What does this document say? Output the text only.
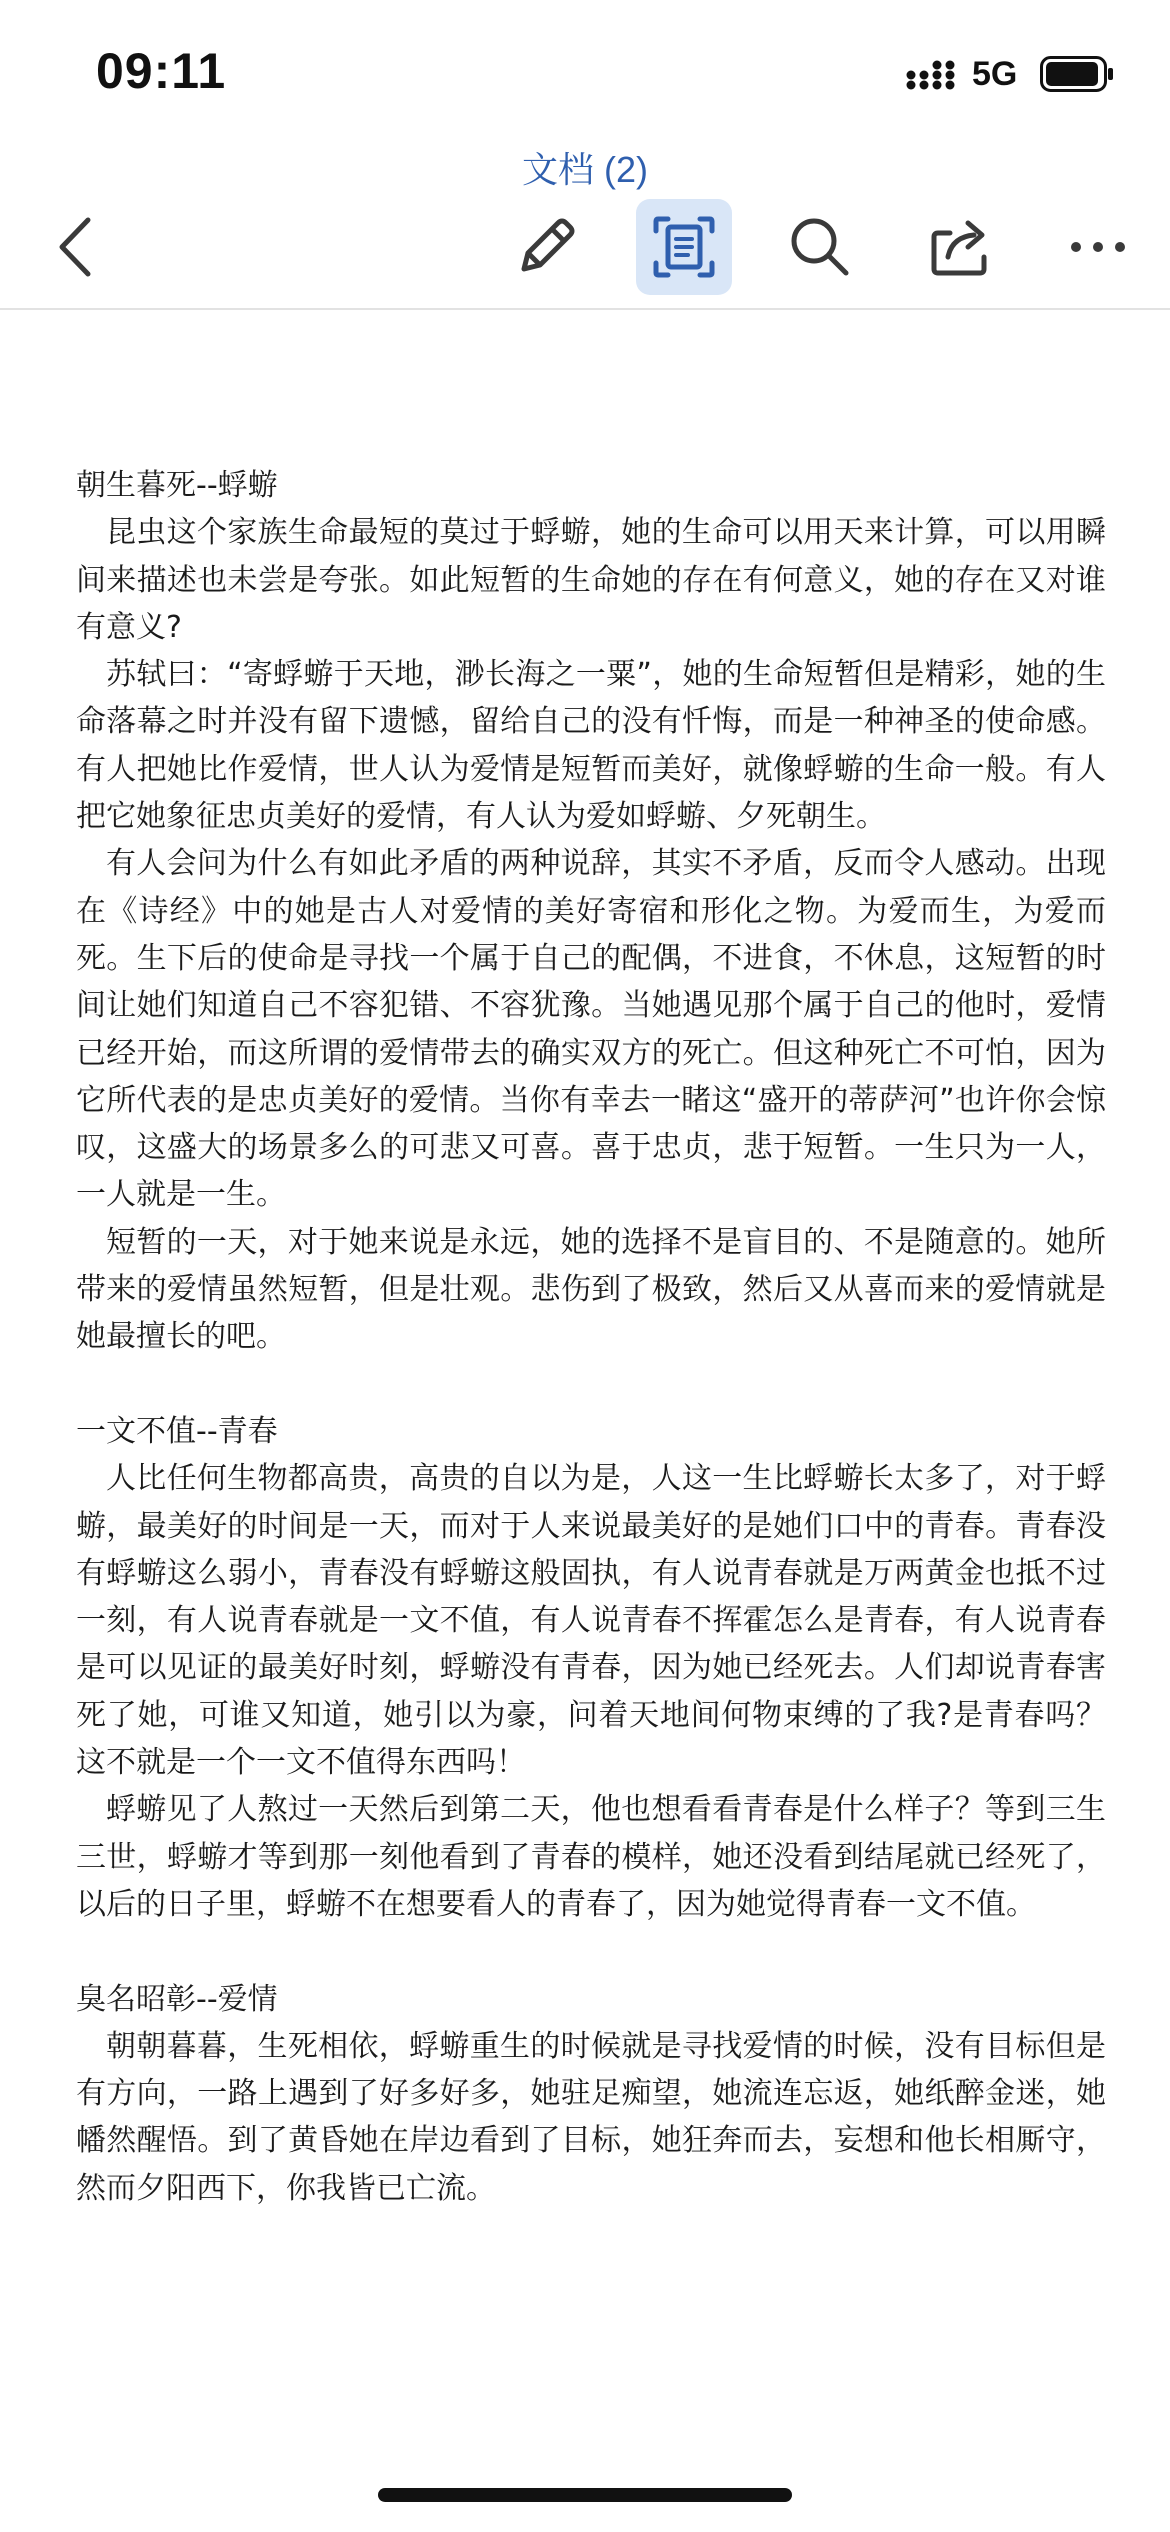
09:11	5G
文档 (2)

朝生暮死--蜉蝣

昆虫这个家族生命最短的莫过于蜉蝣，她的生命可以用天来计算，可以用瞬间来描述也未尝是夸张。如此短暂的生命她的存在有何意义，她的存在又对谁有意义?

苏轼曰：“寄蜉蝣于天地，渺长海之一粟”，她的生命短暂但是精彩，她的生命落幕之时并没有留下遗憾，留给自己的没有忏悔，而是一种神圣的使命感。有人把她比作爱情，世人认为爱情是短暂而美好，就像蜉蝣的生命一般。有人把它她象征忠贞美好的爱情，有人认为爱如蜉蝣、夕死朝生。

有人会问为什么有如此矛盾的两种说辞，其实不矛盾，反而令人感动。出现在《诗经》中的她是古人对爱情的美好寄宿和形化之物。为爱而生，为爱而死。生下后的使命是寻找一个属于自己的配偶，不进食，不休息，这短暂的时间让她们知道自己不容犯错、不容犹豫。当她遇见那个属于自己的他时，爱情已经开始，而这所谓的爱情带去的确实双方的死亡。但这种死亡不可怕，因为它所代表的是忠贞美好的爱情。当你有幸去一睹这“盛开的蒂萨河”也许你会惊叹，这盛大的场景多么的可悲又可喜。喜于忠贞，悲于短暂。一生只为一人，一人就是一生。

短暂的一天，对于她来说是永远，她的选择不是盲目的、不是随意的。她所带来的爱情虽然短暂，但是壮观。悲伤到了极致，然后又从喜而来的爱情就是她最擅长的吧。

一文不值--青春

人比任何生物都高贵，高贵的自以为是，人这一生比蜉蝣长太多了，对于蜉蝣，最美好的时间是一天，而对于人来说最美好的是她们口中的青春。青春没有蜉蝣这么弱小，青春没有蜉蝣这般固执，有人说青春就是万两黄金也抵不过一刻，有人说青春就是一文不值，有人说青春不挥霍怎么是青春，有人说青春是可以见证的最美好时刻，蜉蝣没有青春，因为她已经死去。人们却说青春害死了她，可谁又知道，她引以为豪，问着天地间何物束缚的了我?是青春吗？这不就是一个一文不值得东西吗！

蜉蝣见了人熬过一天然后到第二天，他也想看看青春是什么样子？等到三生三世，蜉蝣才等到那一刻他看到了青春的模样，她还没看到结尾就已经死了，以后的日子里，蜉蝣不在想要看人的青春了，因为她觉得青春一文不值。

臭名昭彰--爱情

朝朝暮暮，生死相依，蜉蝣重生的时候就是寻找爱情的时候，没有目标但是有方向，一路上遇到了好多好多，她驻足痴望，她流连忘返，她纸醉金迷，她幡然醒悟。到了黄昏她在岸边看到了目标，她狂奔而去，妄想和他长相厮守，然而夕阳西下，你我皆已亡流。
